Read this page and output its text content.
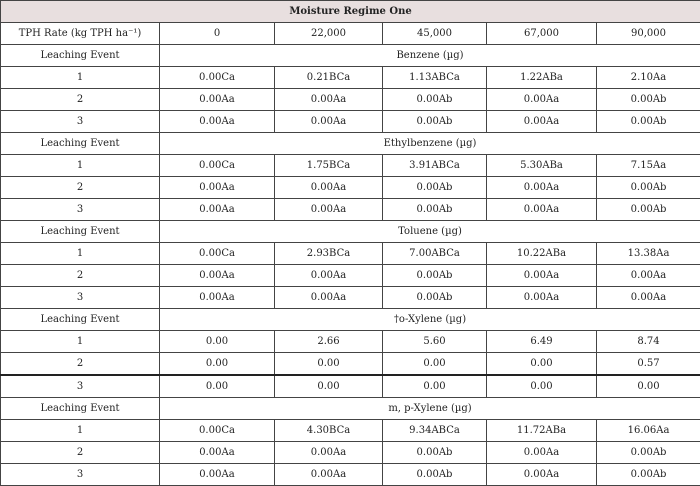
Moisture Regime One					
TPH Rate (kg TPH ha⁻¹)	0	22,000	45,000	67,000	90,000
Leaching Event	Benzene (µg)				
1	0.00Ca	0.21BCa	1.13ABCa	1.22ABa	2.10Aa
2	0.00Aa	0.00Aa	0.00Ab	0.00Aa	0.00Ab
3	0.00Aa	0.00Aa	0.00Ab	0.00Aa	0.00Ab
Leaching Event	Ethylbenzene (µg)				
1	0.00Ca	1.75BCa	3.91ABCa	5.30ABa	7.15Aa
2	0.00Aa	0.00Aa	0.00Ab	0.00Aa	0.00Ab
3	0.00Aa	0.00Aa	0.00Ab	0.00Aa	0.00Ab
Leaching Event	Toluene (µg)				
1	0.00Ca	2.93BCa	7.00ABCa	10.22ABa	13.38Aa
2	0.00Aa	0.00Aa	0.00Ab	0.00Aa	0.00Aa
3	0.00Aa	0.00Aa	0.00Ab	0.00Aa	0.00Aa
Leaching Event	†o-Xylene (µg)				
1	0.00	2.66	5.60	6.49	8.74
2	0.00	0.00	0.00	0.00	0.57
3	0.00	0.00	0.00	0.00	0.00
Leaching Event	m, p-Xylene (µg)				
1	0.00Ca	4.30BCa	9.34ABCa	11.72ABa	16.06Aa
2	0.00Aa	0.00Aa	0.00Ab	0.00Aa	0.00Ab
3	0.00Aa	0.00Aa	0.00Ab	0.00Aa	0.00Ab
